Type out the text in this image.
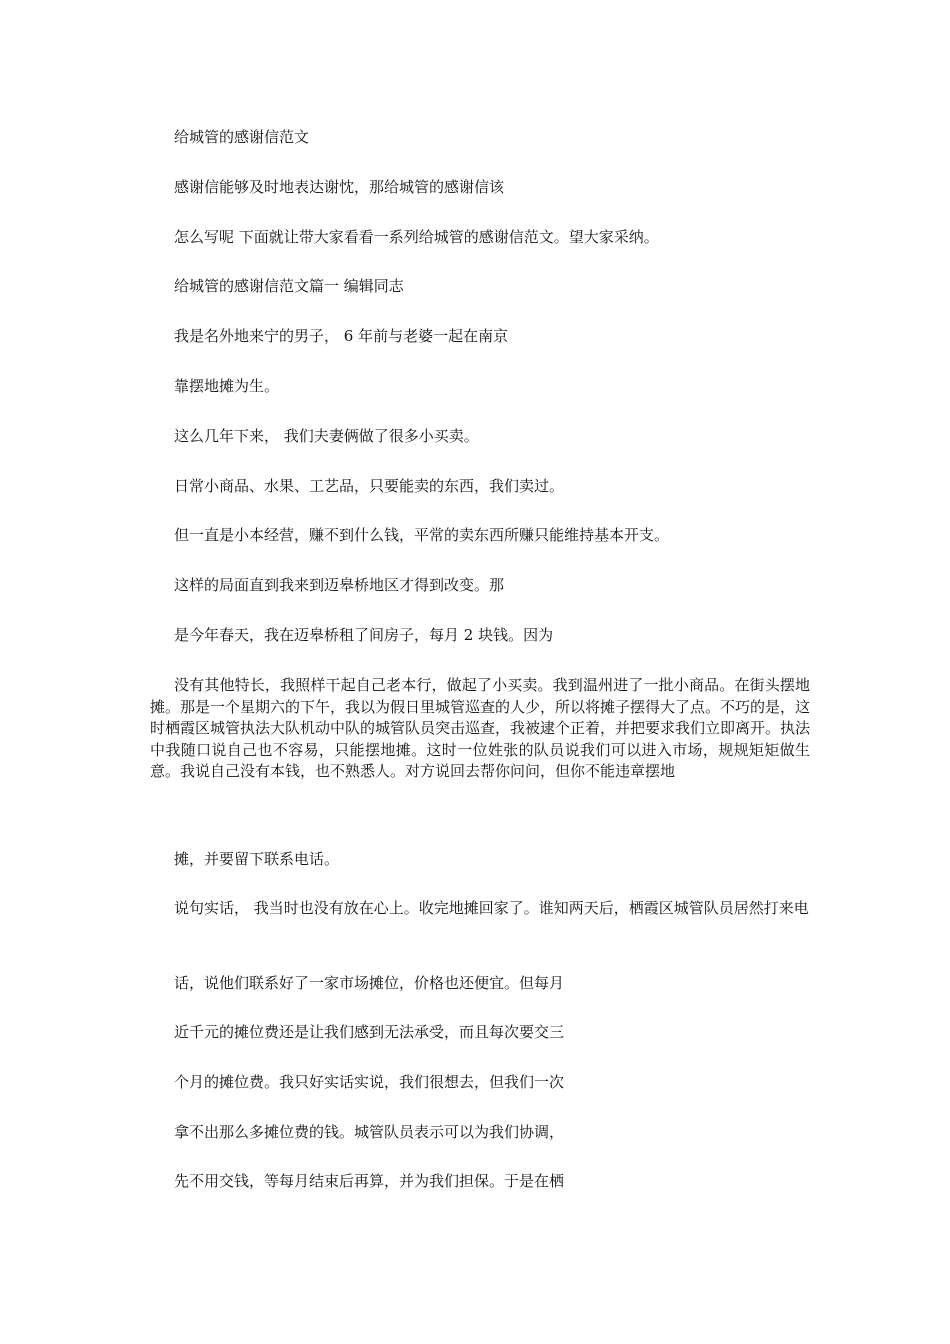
给城管的感谢信范文
感谢信能够及时地表达谢忱，那给城管的感谢信该
怎么写呢 下面就让带大家看看一系列给城管的感谢信范文。望大家采纳。
给城管的感谢信范文篇一 编辑同志
我是名外地来宁的男子， 6 年前与老婆一起在南京
靠摆地摊为生。
这么几年下来， 我们夫妻俩做了很多小买卖。
日常小商品、水果、工艺品，只要能卖的东西，我们卖过。
但一直是小本经营，赚不到什么钱，平常的卖东西所赚只能维持基本开支。
这样的局面直到我来到迈皋桥地区才得到改变。那
是今年春天，我在迈皋桥租了间房子，每月 2 块钱。因为
没有其他特长，我照样干起自己老本行，做起了小买卖。我到温州进了一批小商品。在街头摆地摊。那是一个星期六的下午，我以为假日里城管巡查的人少，所以将摊子摆得大了点。不巧的是，这时栖霞区城管执法大队机动中队的城管队员突击巡查，我被逮个正着，并把要求我们立即离开。执法中我随口说自己也不容易，只能摆地摊。这时一位姓张的队员说我们可以进入市场，规规矩矩做生意。我说自己没有本钱，也不熟悉人。对方说回去帮你问问，但你不能违章摆地
摊，并要留下联系电话。
说句实话， 我当时也没有放在心上。收完地摊回家了。谁知两天后，栖霞区城管队员居然打来电
话，说他们联系好了一家市场摊位，价格也还便宜。但每月
近千元的摊位费还是让我们感到无法承受，而且每次要交三
个月的摊位费。我只好实话实说，我们很想去，但我们一次
拿不出那么多摊位费的钱。城管队员表示可以为我们协调，
先不用交钱，等每月结束后再算，并为我们担保。于是在栖
